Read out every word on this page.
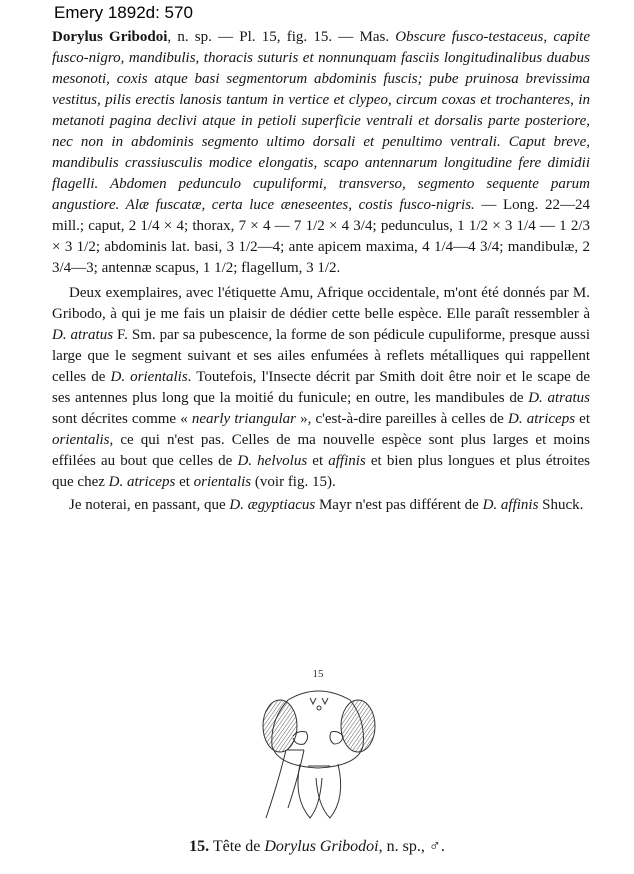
Emery 1892d: 570

Dorylus Gribodoi, n. sp. — Pl. 15, fig. 15. — Mas. Obscure fusco-testaceus, capite fusco-nigro, mandibulis, thoracis suturis et nonnunquam fasciis longitudinalibus duabus mesonoti, coxis atque basi segmentorum abdominis fuscis; pube pruinosa brevissima vestitus, pilis erectis lanosis tantum in vertice et clypeo, circum coxas et trochanteres, in metanoti pagina declivi atque in petioli superficie ventrali et dorsalis parte posteriore, nec non in abdominis segmento ultimo dorsali et penultimo ventrali. Caput breve, mandibulis crassiusculis modice elongatis, scapo antennarum longitudine fere dimidii flagelli. Abdomen pedunculo cupuliformi, transverso, segmento sequente parum angustiore. Alæ fuscatæ, certa luce æneseentes, costis fusco-nigris. — Long. 22—24 mill.; caput, 2 1/4 × 4; thorax, 7 × 4 — 7 1/2 × 4 3/4; pedunculus, 1 1/2 × 3 1/4 — 1 2/3 × 3 1/2; abdominis lat. basi, 3 1/2—4; ante apicem maxima, 4 1/4—4 3/4; mandibulæ, 2 3/4—3; antennæ scapus, 1 1/2; flagellum, 3 1/2.

Deux exemplaires, avec l'étiquette Amu, Afrique occidentale, m'ont été donnés par M. Gribodo, à qui je me fais un plaisir de dédier cette belle espèce. Elle paraît ressembler à D. atratus F. Sm. par sa pubescence, la forme de son pédicule cupuliforme, presque aussi large que le segment suivant et ses ailes enfumées à reflets métalliques qui rappellent celles de D. orientalis. Toutefois, l'Insecte décrit par Smith doit être noir et le scape de ses antennes plus long que la moitié du funicule; en outre, les mandibules de D. atratus sont décrites comme « nearly triangular », c'est-à-dire pareilles à celles de D. atriceps et orientalis, ce qui n'est pas. Celles de ma nouvelle espèce sont plus larges et moins effilées au bout que celles de D. helvolus et affinis et bien plus longues et plus étroites que chez D. atriceps et orientalis (voir fig. 15).

Je noterai, en passant, que D. ægyptiacus Mayr n'est pas différent de D. affinis Shuck.

15
15. Tête de Dorylus Gribodoi, n. sp., ♂.
